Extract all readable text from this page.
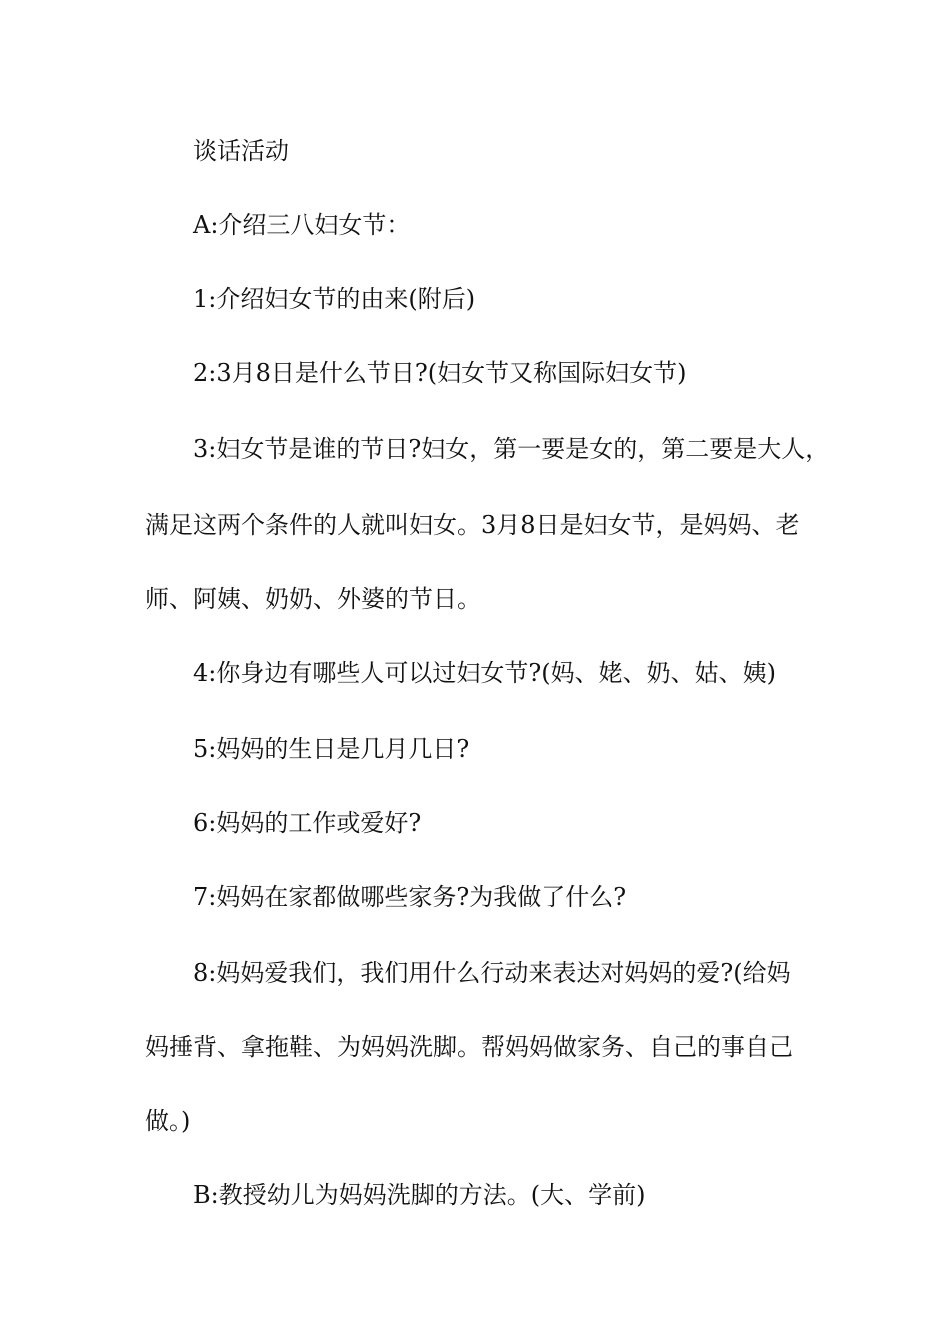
谈话活动
A:介绍三八妇女节：
1:介绍妇女节的由来(附后)
2:3月8日是什么节日?(妇女节又称国际妇女节)
3:妇女节是谁的节日?妇女，第一要是女的，第二要是大人，
满足这两个条件的人就叫妇女。3月8日是妇女节，是妈妈、老
师、阿姨、奶奶、外婆的节日。
4:你身边有哪些人可以过妇女节?(妈、姥、奶、姑、姨)
5:妈妈的生日是几月几日?
6:妈妈的工作或爱好?
7:妈妈在家都做哪些家务?为我做了什么?
8:妈妈爱我们，我们用什么行动来表达对妈妈的爱?(给妈
妈捶背、拿拖鞋、为妈妈洗脚。帮妈妈做家务、自己的事自己
做。)
B:教授幼儿为妈妈洗脚的方法。(大、学前)
